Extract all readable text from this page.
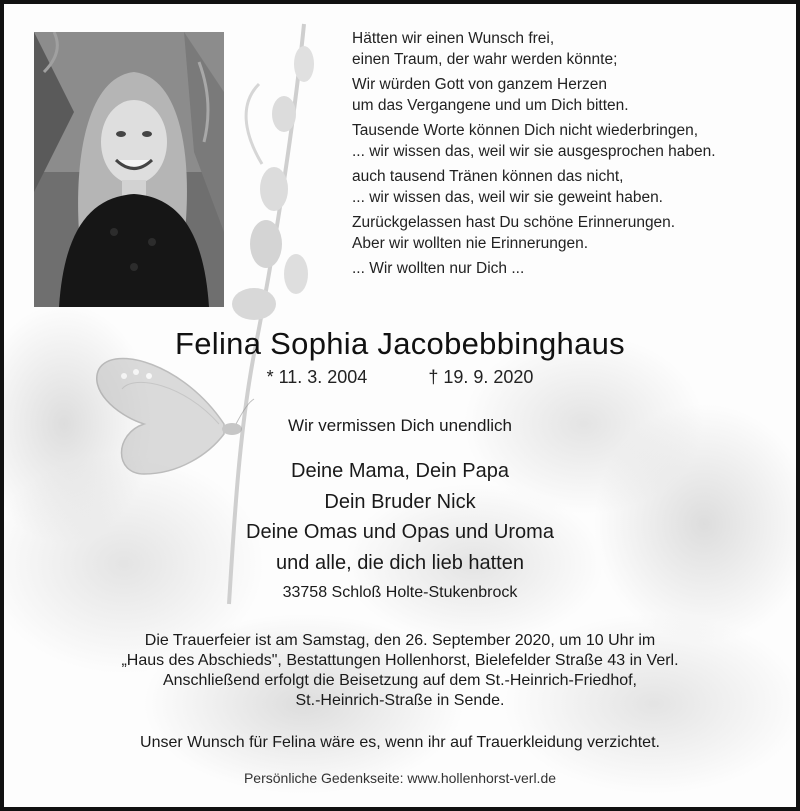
Hätten wir einen Wunsch frei,
einen Traum, der wahr werden könnte;
Wir würden Gott von ganzem Herzen
um das Vergangene und um Dich bitten.
Tausende Worte können Dich nicht wiederbringen,
... wir wissen das, weil wir sie ausgesprochen haben.
auch tausend Tränen können das nicht,
... wir wissen das, weil wir sie geweint haben.
Zurückgelassen hast Du schöne Erinnerungen.
Aber wir wollten nie Erinnerungen.
... Wir wollten nur Dich ...
Felina Sophia Jacobebbinghaus
* 11. 3. 2004	† 19. 9. 2020
Wir vermissen Dich unendlich
Deine Mama, Dein Papa
Dein Bruder Nick
Deine Omas und Opas und Uroma
und alle, die dich lieb hatten
33758 Schloß Holte-Stukenbrock
Die Trauerfeier ist am Samstag, den 26. September 2020, um 10 Uhr im
„Haus des Abschieds", Bestattungen Hollenhorst, Bielefelder Straße 43 in Verl.
Anschließend erfolgt die Beisetzung auf dem St.-Heinrich-Friedhof,
St.-Heinrich-Straße in Sende.
Unser Wunsch für Felina wäre es, wenn ihr auf Trauerkleidung verzichtet.
Persönliche Gedenkseite: www.hollenhorst-verl.de
